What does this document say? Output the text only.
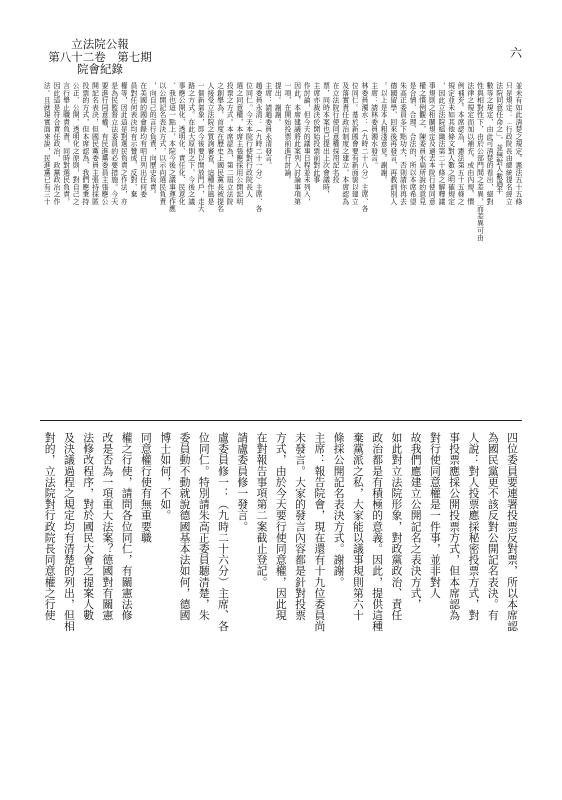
立法院公報
第八十二卷　第七期
院會紀錄
六
並未有如此清楚之規定。憲法五十五條
只是規定：「行政院長由總統提名經立
法院同意任命之」，並無對人數過半
數等之規定，由此可清楚的看出，絕對
性與相對性下，由於公部門間之差異，而差異可由
法律之規定而加以補充，或由內規、慣
例補充。本席認為，憲法第五十五條之
規定並未如其他條文對人數之明確規定
，因此立法院組織法第二十條之解釋議
事規則之相關規定及過去本院行使同意
權之慣例觀之，陳委員水扁所說的意見
是合情、合理、合法的，所以本席希望
朱高正委員多下點功夫，否則請你再去
德國留學，回來後再發言，再教訓別人
。以上是本人粗淺意見。謝謝。
主席：請林委員濁水發言。
林委員濁水：（九時二十八分）主席、各
位同仁。基於新國會要有新面貌以建立
及落實責任政治制度之建立，本席認為
在立法院行使同意權採用記名投
票，同時本案也已提出上次會議時，
主席亦裁決於開始投票前對此事
作討論，但今天的議事日程並未列入，
因此，本席建議將此案列入討論事項第
一項，在開始投票前進行討論。
提出。謝謝。
主席：請趙委員永清發言。
趙委員永清：（九時二十一分）主席、各
位同仁。今天本院行使對行政院長人
選之同意權，本席主張應採用公開記明
投票之方式。本席認為，第二屆立法院
之創舉為，首度在歷史上國民黨長被提名
人接受立法院之質詢審查，這種作風是
一個新氣象，即今後要以開放門戶，走大
路之方式。在此大原則之下，今後之議
事應公開化、透明化、責任化、民意化
、我也這一點上，本院今後之議事運作應
以公開記名表決方式，以示向選民負責
，向自己的言行負責，向歷史負責。
在美國的國會錄均有明白列出任何委
員對任何表決均有示贊成、反對、棄
權等，因此這是對選民負責之作法，亦
是為民監督立法委員的必要措施。今天
要進行同意權，有民進黨委員主張應公
開記名表決，但國民黨委員主張持採匿
投票的方式，但本席認為，我們應秉持
公正、公開、透明化之原則，對自己之
言行舉止職責負責，同時對選民負責，
因此這是符合責任政治，政黨政治之作
法。且就現實面來說，民進黨已有三十
四位委員要連署投票反對票，所以本席認
為國民黨更不該反對公開記名表決。有
人說：對人投票應採秘密投票方式，對
事投票應採公開投票方式，但本席認為
對行使同意權是一件事，並非對人
故我們應建立公開記名之表決方式，
如此對立法院形象，對政黨政治、責任
政治都是有積極的意義。因此，提供這種
棄黨派之私，大家能以議事規則第六十
條採公開記名表決方式。謝謝。
主席：報告院會，現在還有十九位委員尚
未發言。大家的發言內容都是針對投票
方式，由於今天要行使同意權，因此現
在對報告事項第二案截止登記。
請盧委員修一發言。
盧委員修一：（九時二十六分）主席、各
位同仁。特別請朱高正委員聽清楚，朱
委員動不動就說德國基本法如何，德國
博士如何，不如。
同意權行使有無重要職
權之行使，請問各位同仁，有關憲法修
改是否為一項重大法案？德國對有關憲
法修改程序，對於國民大會之提案人數
及決議過程之規定均有清楚的列出，但相
對的，立法院對行政院長同意權之行使
